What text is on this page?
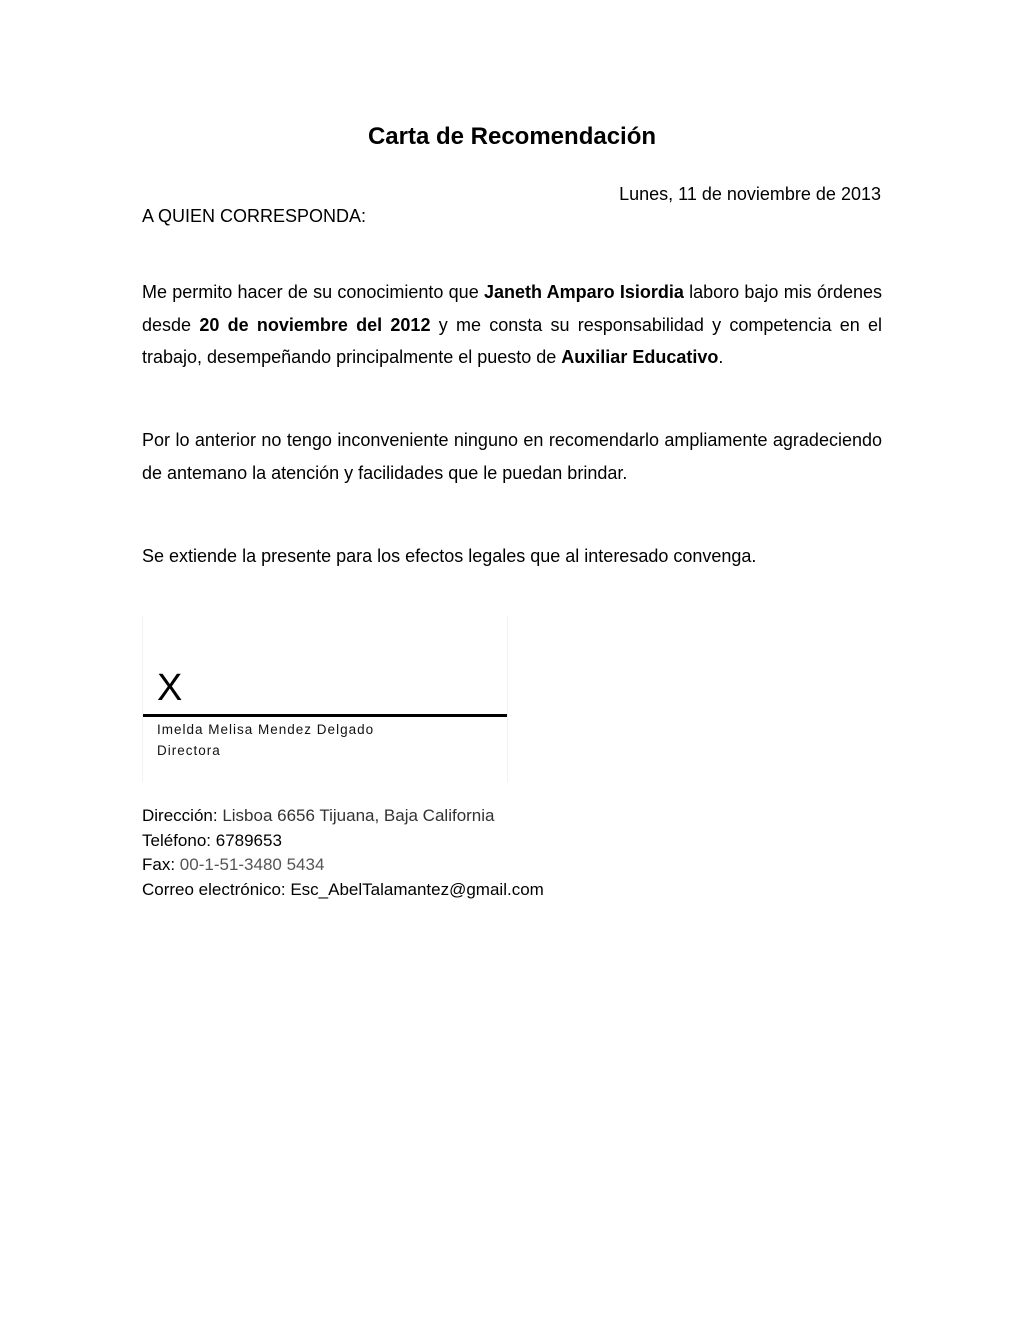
Carta de Recomendación
Lunes, 11 de noviembre de 2013
A QUIEN CORRESPONDA:

Me permito hacer de su conocimiento que Janeth Amparo Isiordia laboro bajo mis órdenes desde 20 de noviembre del 2012 y me consta su responsabilidad y competencia en el trabajo, desempeñando principalmente el puesto de Auxiliar Educativo.

Por lo anterior no tengo inconveniente ninguno en recomendarlo ampliamente agradeciendo de antemano la atención y facilidades que le puedan brindar.

Se extiende la presente para los efectos legales que al interesado convenga.

X
Imelda Melisa Mendez Delgado
Directora
Dirección: Lisboa 6656 Tijuana, Baja California
Teléfono: 6789653
Fax: 00-1-51-3480 5434
Correo electrónico: Esc_AbelTalamantez@gmail.com
